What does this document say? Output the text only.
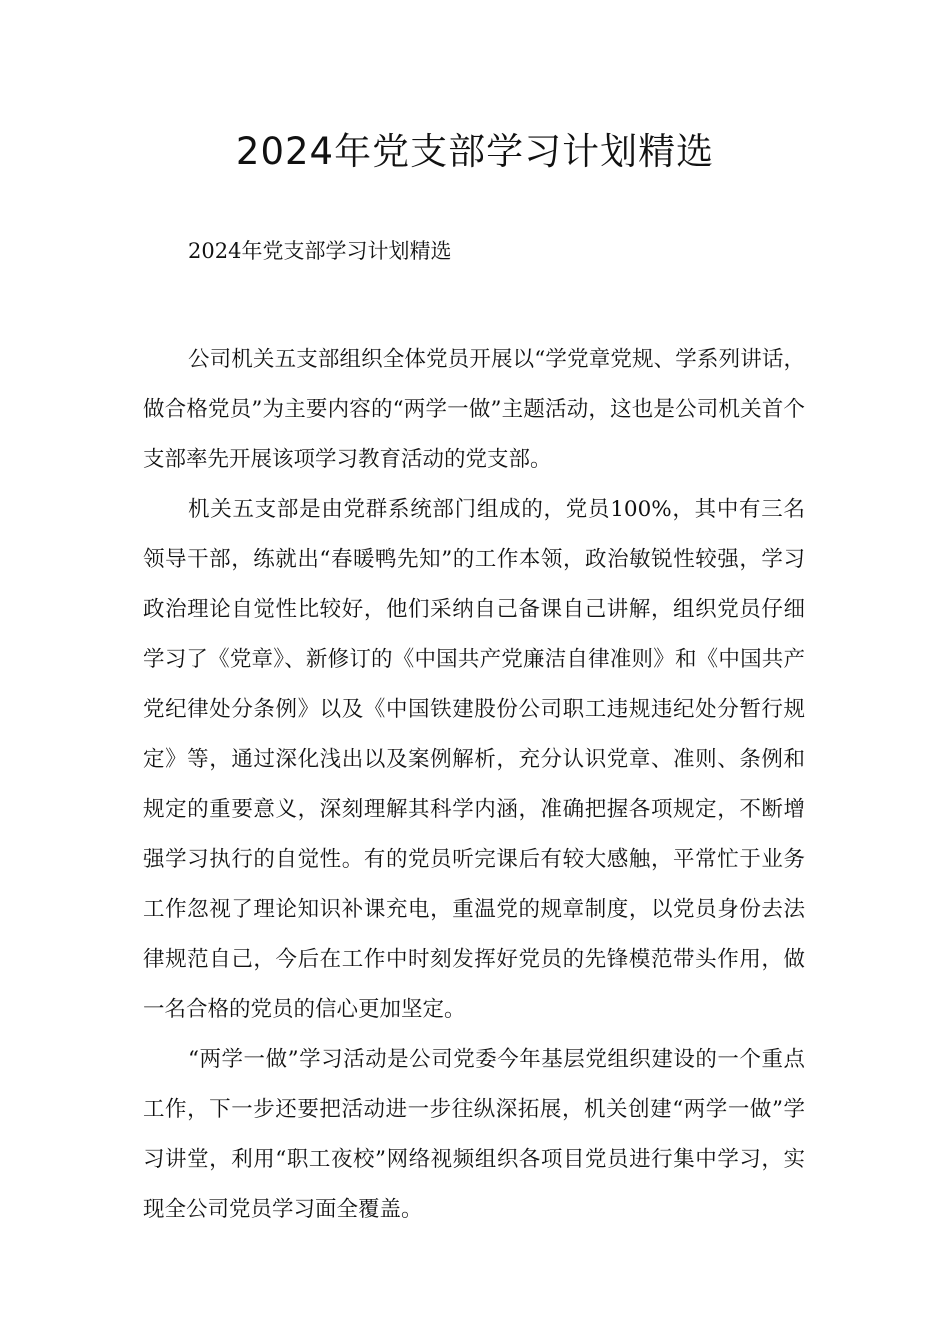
2024年党支部学习计划精选

2024年党支部学习计划精选

公司机关五支部组织全体党员开展以“学党章党规、学系列讲话，做合格党员”为主要内容的“两学一做”主题活动，这也是公司机关首个支部率先开展该项学习教育活动的党支部。

机关五支部是由党群系统部门组成的，党员100%，其中有三名领导干部，练就出“春暖鸭先知”的工作本领，政治敏锐性较强，学习政治理论自觉性比较好，他们采纳自己备课自己讲解，组织党员仔细学习了《党章》、新修订的《中国共产党廉洁自律准则》和《中国共产党纪律处分条例》以及《中国铁建股份公司职工违规违纪处分暂行规定》等，通过深化浅出以及案例解析，充分认识党章、准则、条例和规定的重要意义，深刻理解其科学内涵，准确把握各项规定，不断增强学习执行的自觉性。有的党员听完课后有较大感触，平常忙于业务工作忽视了理论知识补课充电，重温党的规章制度，以党员身份去法律规范自己，今后在工作中时刻发挥好党员的先锋模范带头作用，做一名合格的党员的信心更加坚定。

“两学一做”学习活动是公司党委今年基层党组织建设的一个重点工作，下一步还要把活动进一步往纵深拓展，机关创建“两学一做”学习讲堂，利用“职工夜校”网络视频组织各项目党员进行集中学习，实现全公司党员学习面全覆盖。
